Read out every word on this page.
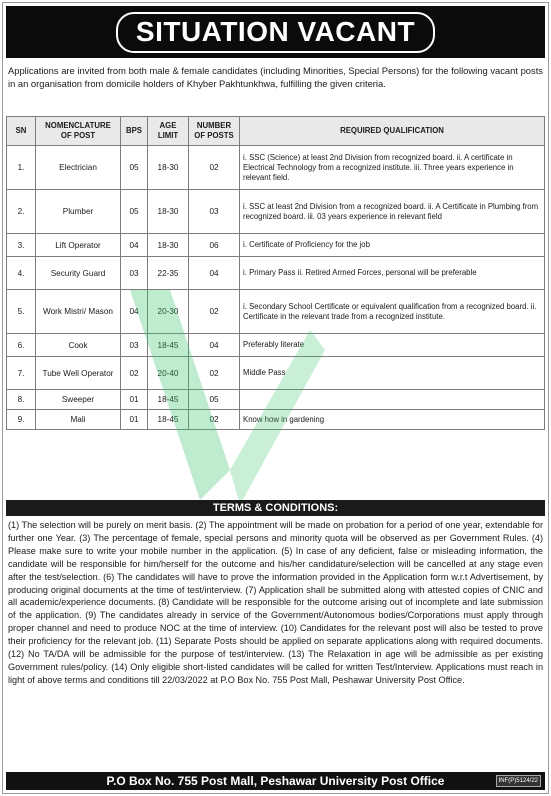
SITUATION VACANT
Applications are invited from both male & female candidates (including Minorities, Special Persons) for the following vacant posts in an organisation from domicile holders of Khyber Pakhtunkhwa, fulfilling the given criteria.
SN	NOMENCLATURE OF POST	BPS	AGE LIMIT	NUMBER OF POSTS	REQUIRED QUALIFICATION
1.	Electrician	05	18-30	02	i. SSC (Science) at least 2nd Division from recognized board. ii. A certificate in Electrical Technology from a recognized institute. iii. Three years experience in relevant field.
2.	Plumber	05	18-30	03	i. SSC at least 2nd Division from a recognized board. ii. A Certificate in Plumbing from recognized board. iii. 03 years experience in relevant field
3.	Lift Operator	04	18-30	06	i. Certificate of Proficiency for the job
4.	Security Guard	03	22-35	04	i. Primary Pass ii. Retired Armed Forces, personal will be preferable
5.	Work Mistri/ Mason	04	20-30	02	i. Secondary School Certificate or equivalent qualification from a recognized board. ii. Certificate in the relevant trade from a recognized institute.
6.	Cook	03	18-45	04	Preferably literate
7.	Tube Well Operator	02	20-40	02	Middle Pass
8.	Sweeper	01	18-45	05	
9.	Mali	01	18-45	02	Know how in gardening
TERMS & CONDITIONS:
(1) The selection will be purely on merit basis. (2) The appointment will be made on probation for a period of one year, extendable for further one Year. (3) The percentage of female, special persons and minority quota will be observed as per Government Rules. (4) Please make sure to write your mobile number in the application. (5) In case of any deficient, false or misleading information, the candidate will be responsible for him/herself for the outcome and his/her candidature/selection will be cancelled at any stage even after the test/selection. (6) The candidates will have to prove the information provided in the Application form w.r.t Advertisement, by producing original documents at the time of test/interview. (7) Application shall be submitted along with attested copies of CNIC and all academic/experience documents. (8) Candidate will be responsible for the outcome arising out of incomplete and late submission of the application. (9) The candidates already in service of the Government/Autonomous bodies/Corporations must apply through proper channel and need to produce NOC at the time of interview. (10) Candidates for the relevant post will also be tested to prove their proficiency for the relevant job. (11) Separate Posts should be applied on separate applications along with required documents. (12) No TA/DA will be admissible for the purpose of test/interview. (13) The Relaxation in age will be admissible as per existing Government rules/policy. (14) Only eligible short-listed candidates will be called for written Test/Interview. Applications must reach in light of above terms and conditions till 22/03/2022 at P.O Box No. 755 Post Mall, Peshawar University Post Office.
P.O Box No. 755 Post Mall, Peshawar University Post Office	INF(P)5124/22
